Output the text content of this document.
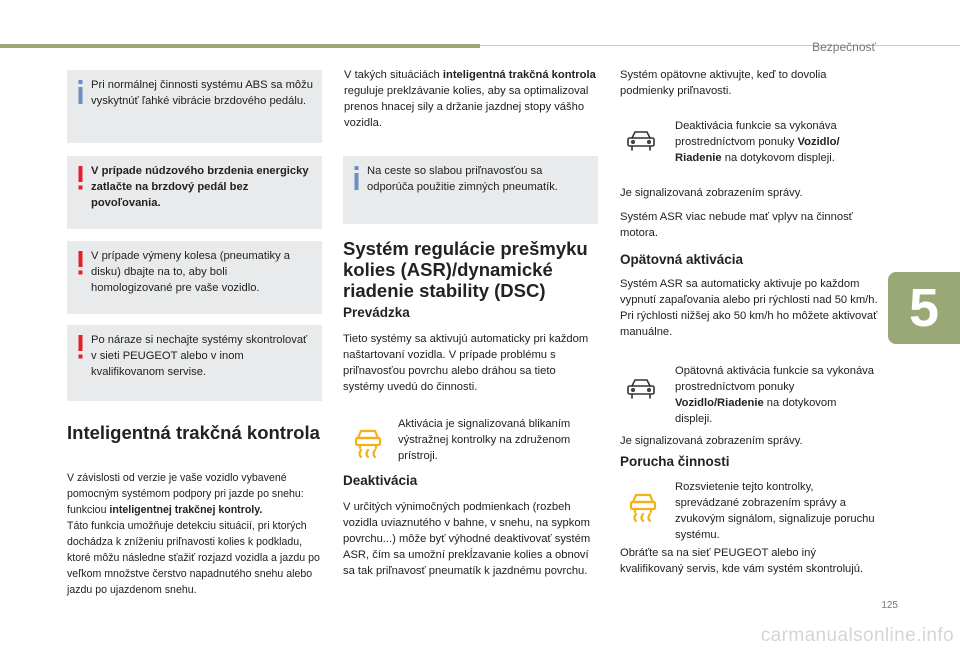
Bezpečnosť
5
Pri normálnej činnosti systému ABS sa môžu vyskytnúť ľahké vibrácie brzdového pedálu.
V prípade núdzového brzdenia energicky zatlačte na brzdový pedál bez povoľovania.
V prípade výmeny kolesa (pneumatiky a disku) dbajte na to, aby boli homologizované pre vaše vozidlo.
Po náraze si nechajte systémy skontrolovať v sieti PEUGEOT alebo v inom kvalifikovanom servise.
Inteligentná trakčná kontrola
V závislosti od verzie je vaše vozidlo vybavené pomocným systémom podpory pri jazde po snehu: funkciou inteligentnej trakčnej kontroly.
Táto funkcia umožňuje detekciu situácií, pri ktorých dochádza k zníženiu priľnavosti kolies k podkladu, ktoré môžu následne sťažiť rozjazd vozidla a jazdu po veľkom množstve čerstvo napadnutého snehu alebo jazdu po ujazdenom snehu.
V takých situáciách inteligentná trakčná kontrola reguluje preklzávanie kolies, aby sa optimalizoval prenos hnacej sily a držanie jazdnej stopy vášho vozidla.
Na ceste so slabou priľnavosťou sa odporúča použitie zimných pneumatík.
Systém regulácie prešmyku kolies (ASR)/dynamické riadenie stability (DSC)
Prevádzka
Tieto systémy sa aktivujú automaticky pri každom naštartovaní vozidla. V prípade problému s priľnavosťou povrchu alebo dráhou sa tieto systémy uvedú do činnosti.
Aktivácia je signalizovaná blikaním výstražnej kontrolky na združenom prístroji.
Deaktivácia
V určitých výnimočných podmienkach (rozbeh vozidla uviaznutého v bahne, v snehu, na sypkom povrchu...) môže byť výhodné deaktivovať systém ASR, čím sa umožní prekĺzavanie kolies a obnoví sa tak priľnavosť pneumatík k jazdnému povrchu.
Systém opätovne aktivujte, keď to dovolia podmienky priľnavosti.
Deaktivácia funkcie sa vykonáva prostredníctvom ponuky Vozidlo/ Riadenie na dotykovom displeji.
Je signalizovaná zobrazením správy.
Systém ASR viac nebude mať vplyv na činnosť motora.
Opätovná aktivácia
Systém ASR sa automaticky aktivuje po každom vypnutí zapaľovania alebo pri rýchlosti nad 50 km/h. Pri rýchlosti nižšej ako 50 km/h ho môžete aktivovať manuálne.
Opätovná aktivácia funkcie sa vykonáva prostredníctvom ponuky Vozidlo/Riadenie na dotykovom displeji.
Je signalizovaná zobrazením správy.
Porucha činnosti
Rozsvietenie tejto kontrolky, sprevádzané zobrazením správy a zvukovým signálom, signalizuje poruchu systému.
Obráťte sa na sieť PEUGEOT alebo iný kvalifikovaný servis, kde vám systém skontrolujú.
125
carmanualsonline.info
